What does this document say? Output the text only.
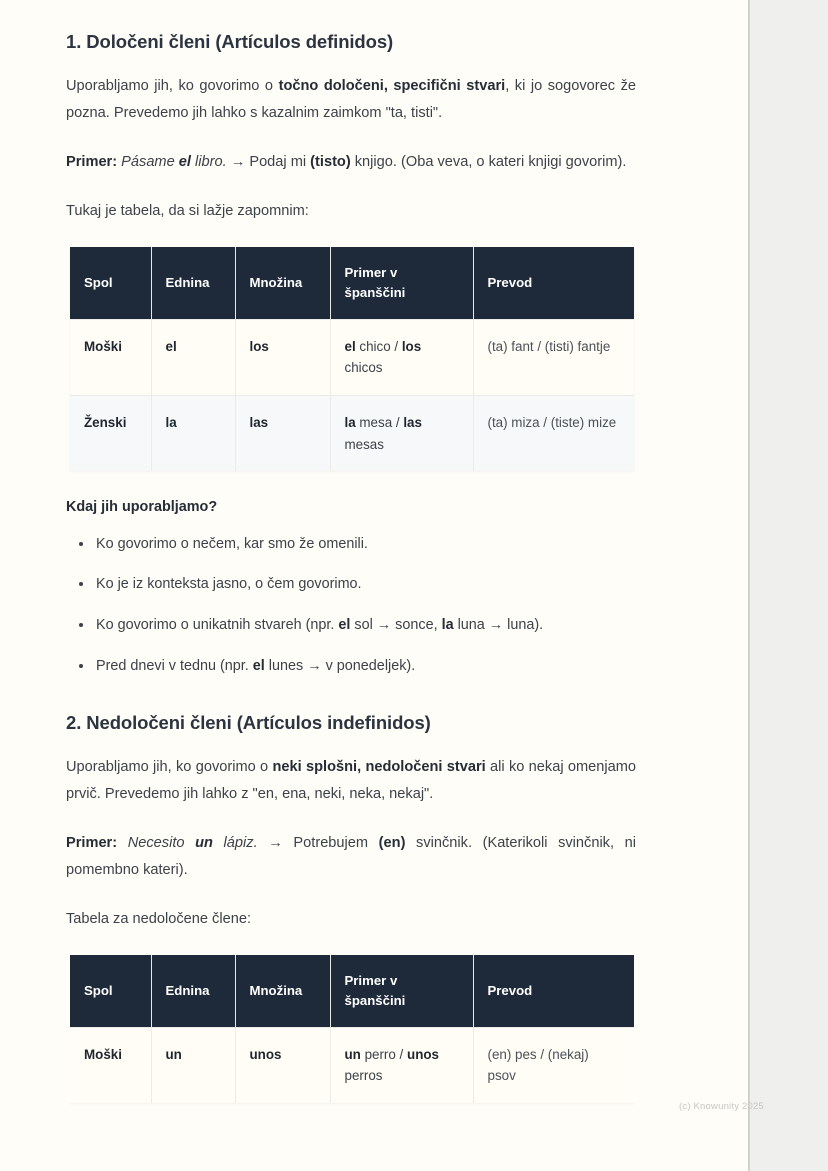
1. Določeni členi (Artículos definidos)

Uporabljamo jih, ko govorimo o točno določeni, specifični stvari, ki jo sogovorec že pozna. Prevedemo jih lahko s kazalnim zaimkom "ta, tisti".

Primer: Pásame el libro. → Podaj mi (tisto) knjigo. (Oba veva, o kateri knjigi govorim).

Tukaj je tabela, da si lažje zapomnim:

Spol	Ednina	Množina	Primer v španščini	Prevod
Moški	el	los	el chico / los chicos	(ta) fant / (tisti) fantje
Ženski	la	las	la mesa / las mesas	(ta) miza / (tiste) mize
Kdaj jih uporabljamo?
Ko govorimo o nečem, kar smo že omenili.
Ko je iz konteksta jasno, o čem govorimo.
Ko govorimo o unikatnih stvareh (npr. el sol → sonce, la luna → luna).
Pred dnevi v tednu (npr. el lunes → v ponedeljek).
2. Nedoločeni členi (Artículos indefinidos)

Uporabljamo jih, ko govorimo o neki splošni, nedoločeni stvari ali ko nekaj omenjamo prvič. Prevedemo jih lahko z "en, ena, neki, neka, nekaj".

Primer: Necesito un lápiz. → Potrebujem (en) svinčnik. (Katerikoli svinčnik, ni pomembno kateri).

Tabela za nedoločene člene:

Spol	Ednina	Množina	Primer v španščini	Prevod
Moški	un	unos	un perro / unos perros	(en) pes / (nekaj) psov
(c) Knowunity 2025
